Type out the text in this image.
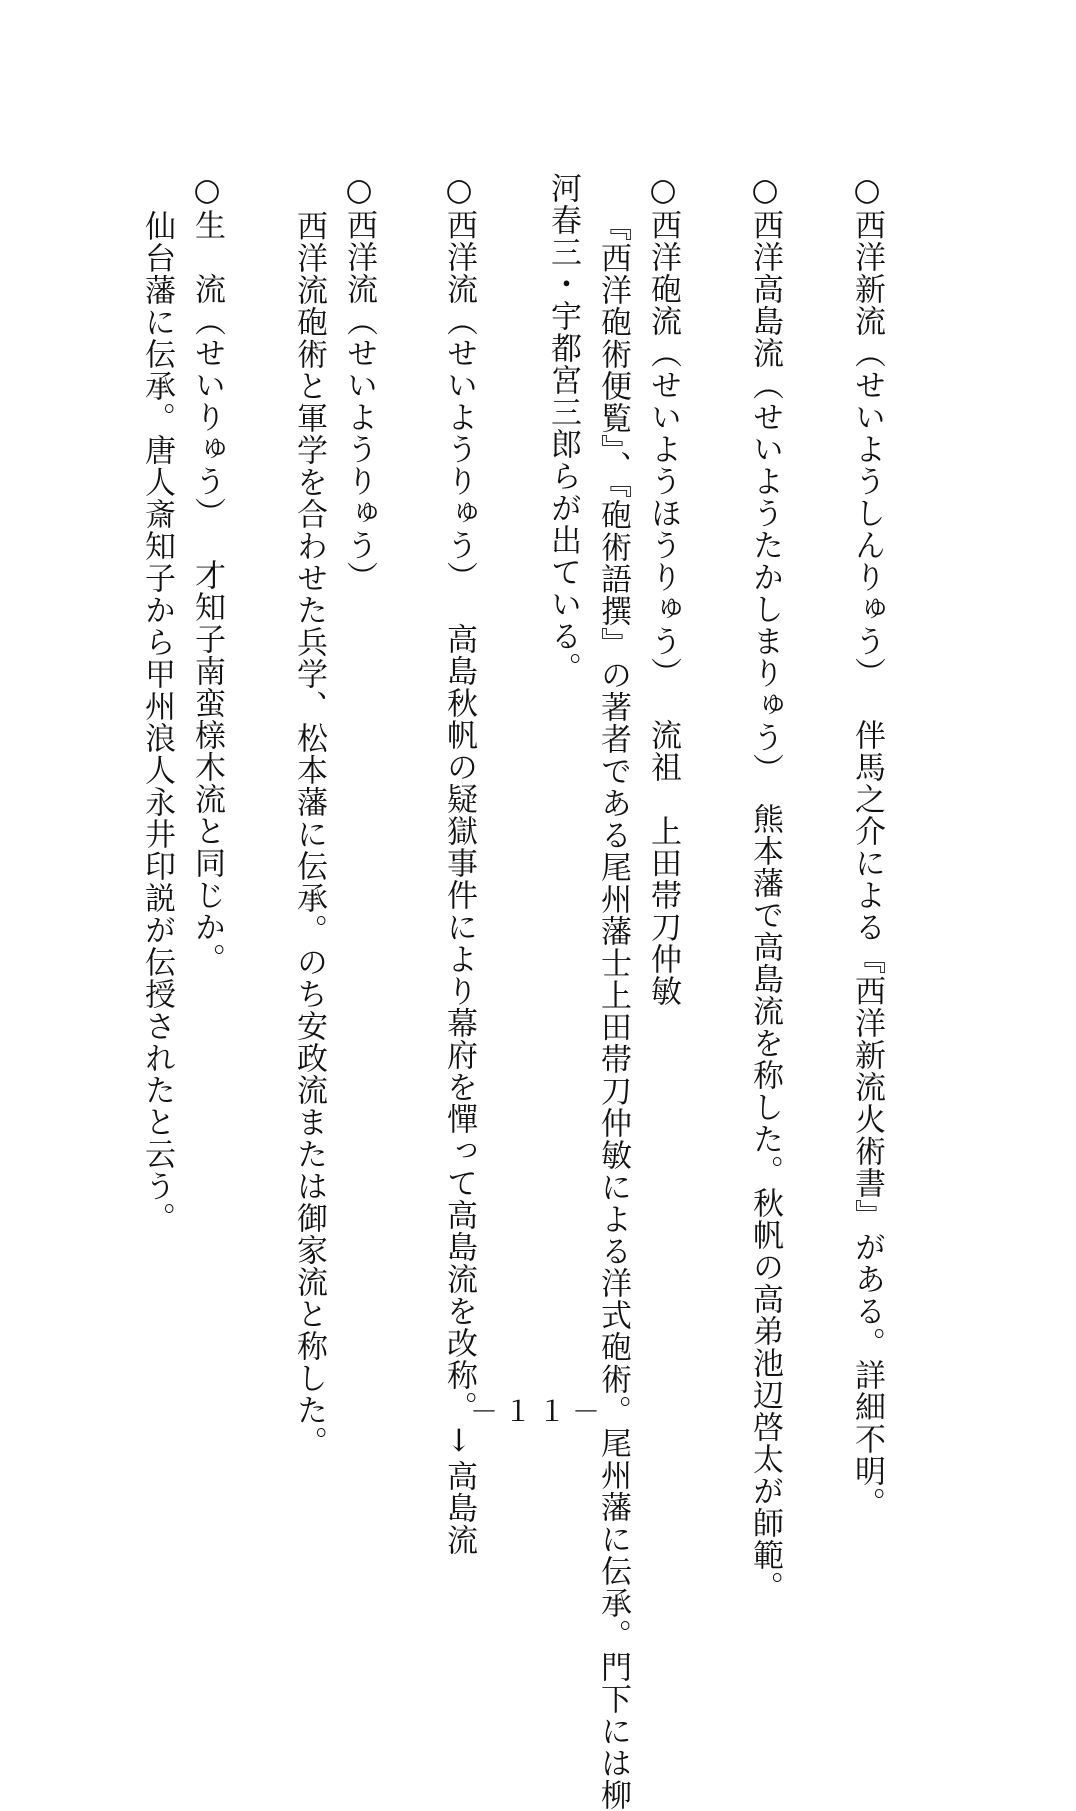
○西洋新流（せいようしんりゅう）伴馬之介による『西洋新流火術書』がある。詳細不明。
○西洋高島流（せいようたかしまりゅう）熊本藩で高島流を称した。秋帆の高弟池辺啓太が師範。
○西洋砲流（せいようほうりゅう）流祖　上田帯刀仲敏
『西洋砲術便覧』、『砲術語撰』の著者である尾州藩士上田帯刀仲敏による洋式砲術。尾州藩に伝承。門下には柳
河春三・宇都宮三郎らが出ている。
○西洋流（せいようりゅう）高島秋帆の疑獄事件により幕府を憚って高島流を改称。↓高島流
○西洋流（せいようりゅう）
西洋流砲術と軍学を合わせた兵学、松本藩に伝承。のち安政流または御家流と称した。
○生　流（せいりゅう）才知子南蛮榇木流と同じか。
仙台藩に伝承。唐人斎知子から甲州浪人永井印説が伝授されたと云う。
－１１－
